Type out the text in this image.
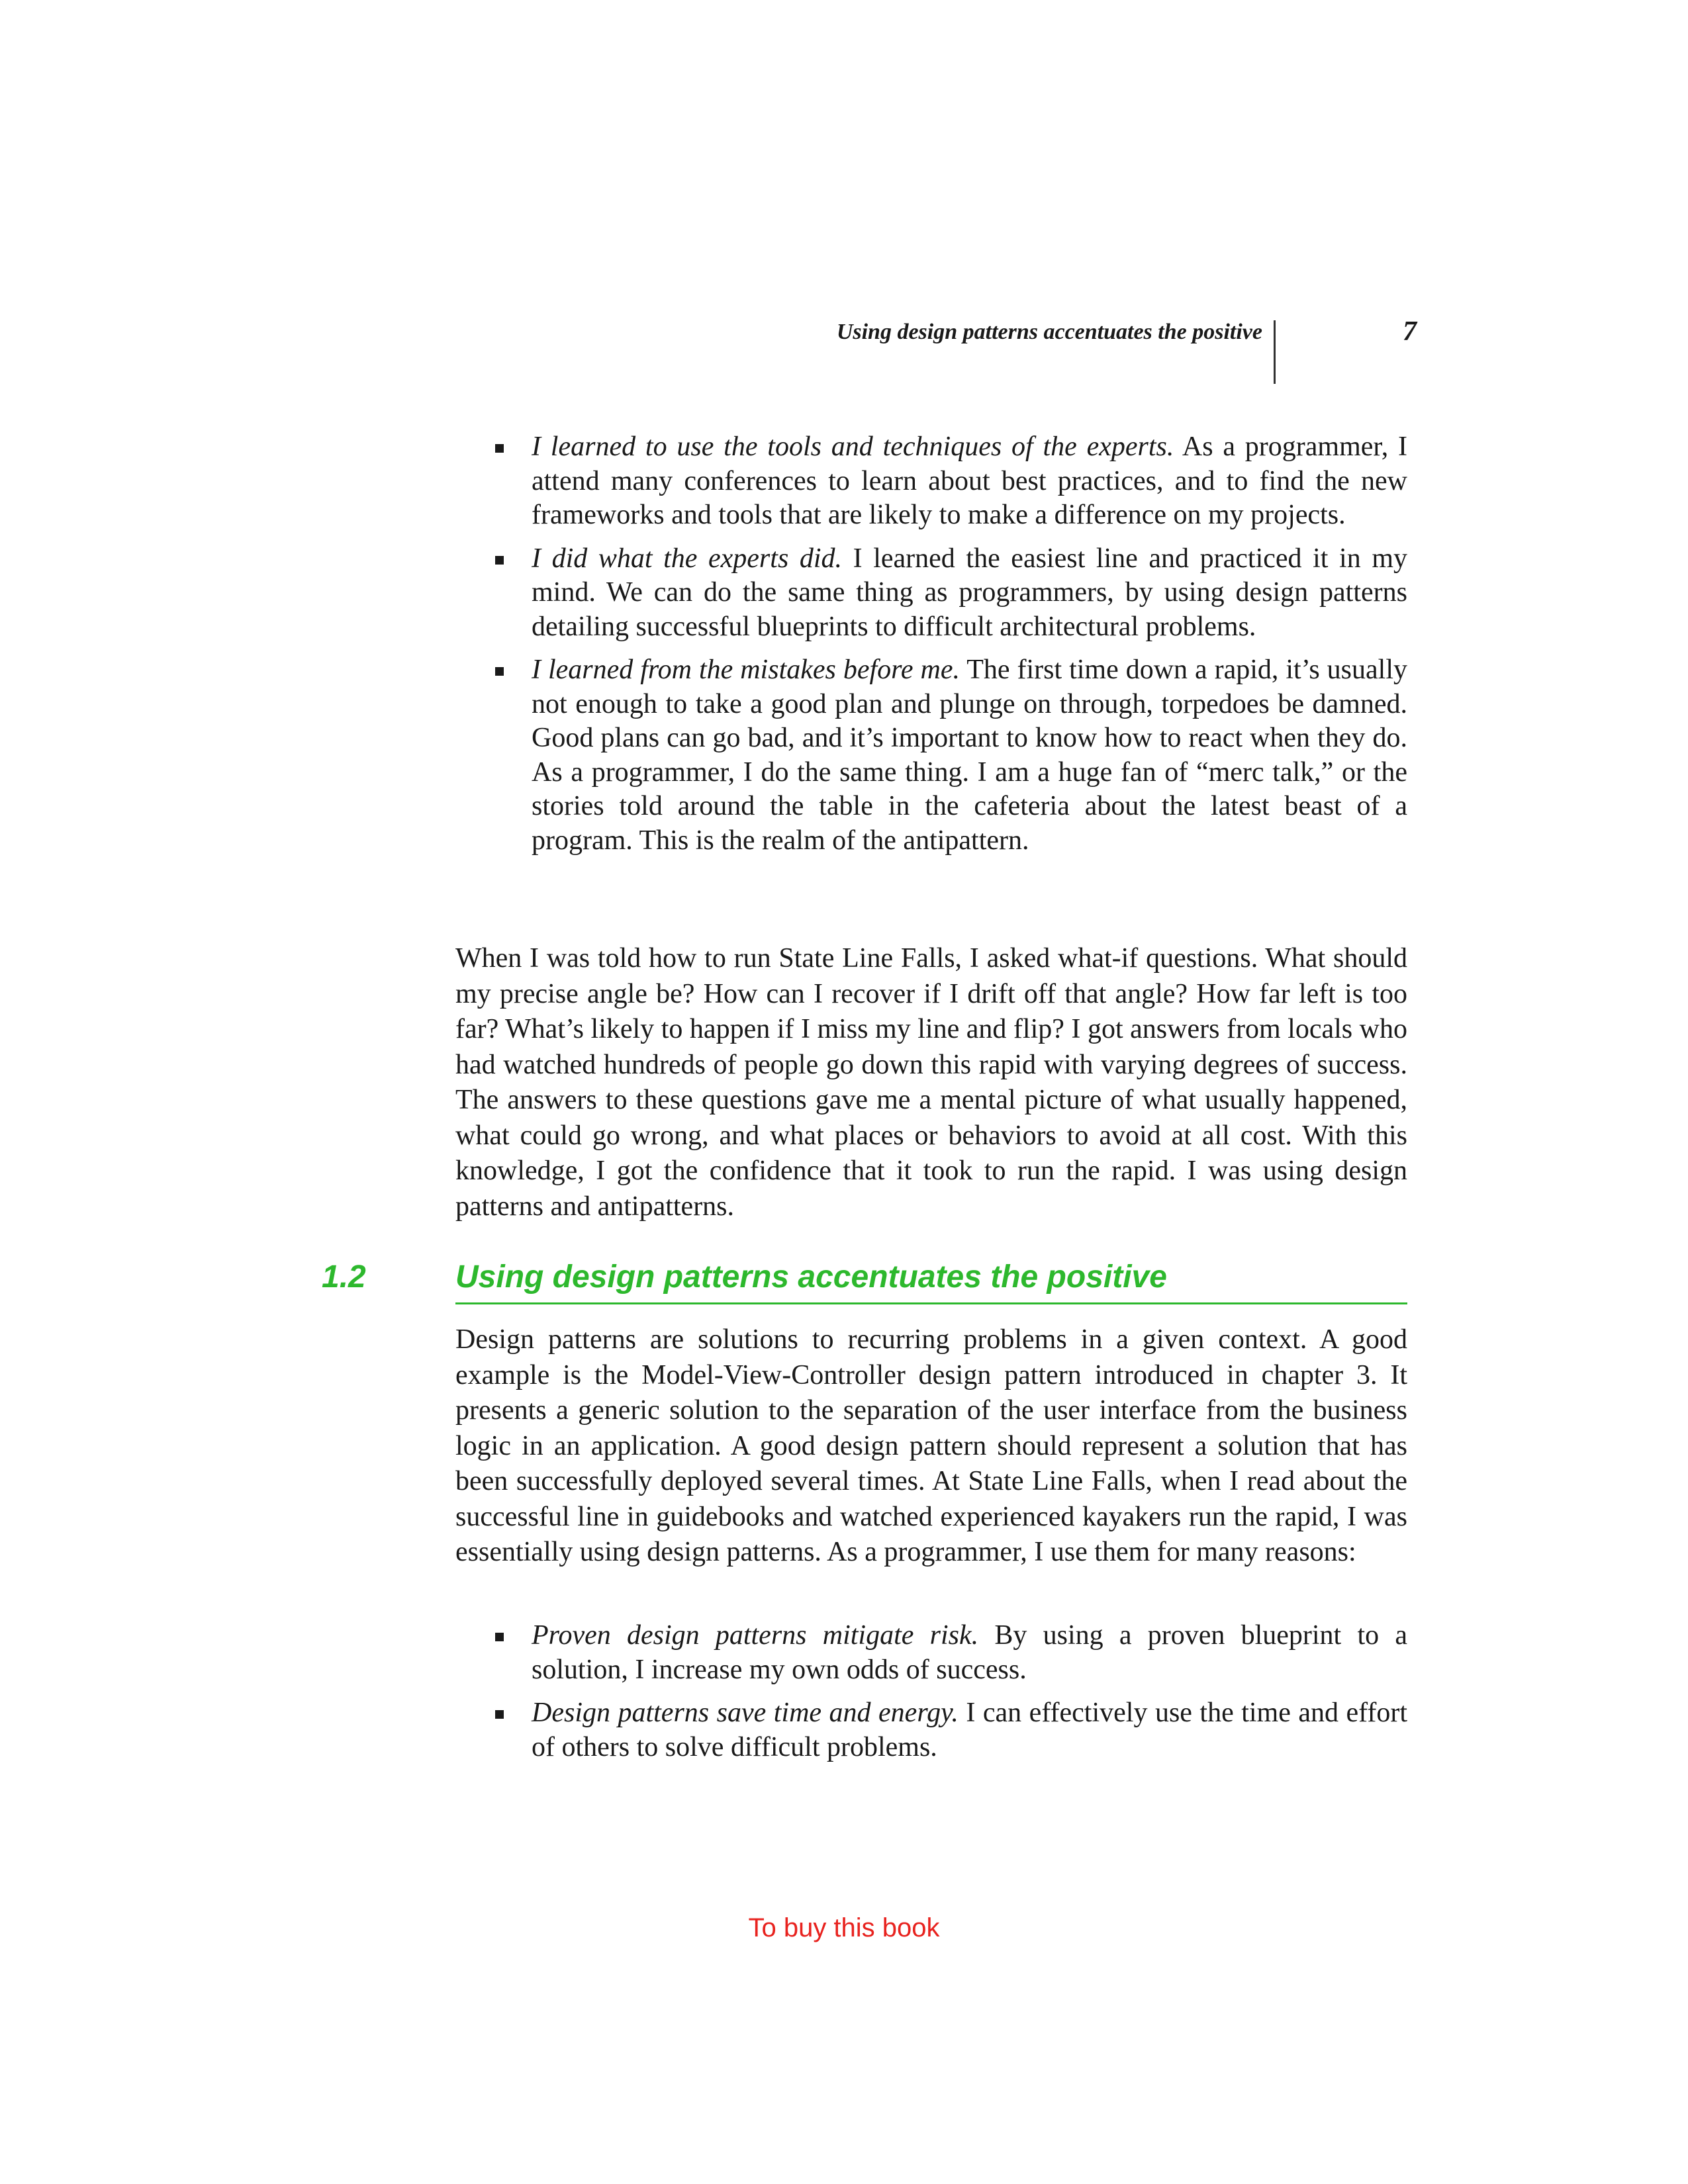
Using design patterns accentuates the positive	7
I learned to use the tools and techniques of the experts. As a programmer, I attend many conferences to learn about best practices, and to find the new frameworks and tools that are likely to make a difference on my projects.
I did what the experts did. I learned the easiest line and practiced it in my mind. We can do the same thing as programmers, by using design patterns detailing successful blueprints to difficult architectural problems.
I learned from the mistakes before me. The first time down a rapid, it’s usually not enough to take a good plan and plunge on through, torpedoes be damned. Good plans can go bad, and it’s important to know how to react when they do. As a programmer, I do the same thing. I am a huge fan of “merc talk,” or the stories told around the table in the cafeteria about the latest beast of a program. This is the realm of the antipattern.

When I was told how to run State Line Falls, I asked what-if questions. What should my precise angle be? How can I recover if I drift off that angle? How far left is too far? What’s likely to happen if I miss my line and flip? I got answers from locals who had watched hundreds of people go down this rapid with varying degrees of success. The answers to these questions gave me a mental picture of what usually happened, what could go wrong, and what places or behaviors to avoid at all cost. With this knowledge, I got the confidence that it took to run the rapid. I was using design patterns and antipatterns.

1.2	Using design patterns accentuates the positive

Design patterns are solutions to recurring problems in a given context. A good example is the Model-View-Controller design pattern introduced in chapter 3. It presents a generic solution to the separation of the user interface from the business logic in an application. A good design pattern should represent a solution that has been successfully deployed several times. At State Line Falls, when I read about the successful line in guidebooks and watched experienced kayakers run the rapid, I was essentially using design patterns. As a programmer, I use them for many reasons:

Proven design patterns mitigate risk. By using a proven blueprint to a solution, I increase my own odds of success.
Design patterns save time and energy. I can effectively use the time and effort of others to solve difficult problems.
To buy this book
